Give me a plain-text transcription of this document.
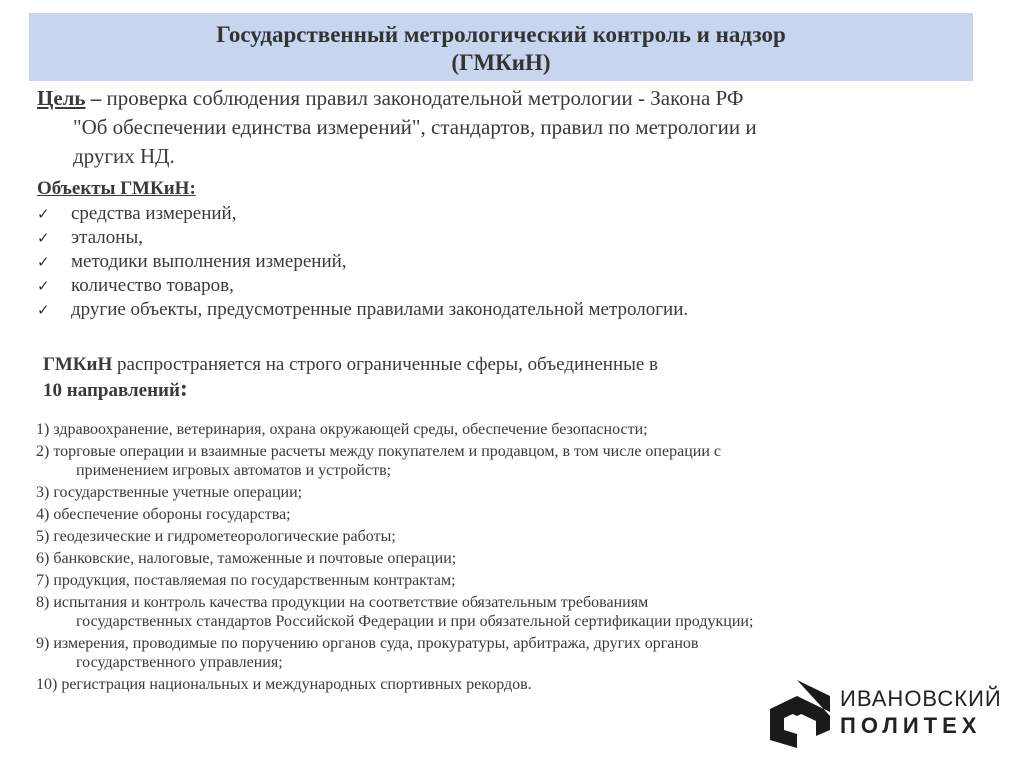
Государственный метрологический контроль и надзор
(ГМКиН)
Цель – проверка соблюдения правил законодательной метрологии - Закона РФ
"Об обеспечении единства измерений", стандартов, правил по метрологии и
других НД.
Объекты ГМКиН:
✓	средства измерений,
✓	эталоны,
✓	методики выполнения измерений,
✓	количество товаров,
✓	другие объекты, предусмотренные правилами законодательной метрологии.
ГМКиН распространяется на строго ограниченные сферы, объединенные в
10 направлений:
1) здравоохранение, ветеринария, охрана окружающей среды, обеспечение безопасности;
2) торговые операции и взаимные расчеты между покупателем и продавцом, в том числе операции с
применением игровых автоматов и устройств;
3) государственные учетные операции;
4) обеспечение обороны государства;
5) геодезические и гидрометеорологические работы;
6) банковские, налоговые, таможенные и почтовые операции;
7) продукция, поставляемая по государственным контрактам;
8) испытания и контроль качества продукции на соответствие обязательным требованиям
государственных стандартов Российской Федерации и при обязательной сертификации продукции;
9) измерения, проводимые по поручению органов суда, прокуратуры, арбитража, других органов
государственного управления;
10) регистрация национальных и международных спортивных рекордов.
ИВАНОВСКИЙ
ПОЛИТЕХ
